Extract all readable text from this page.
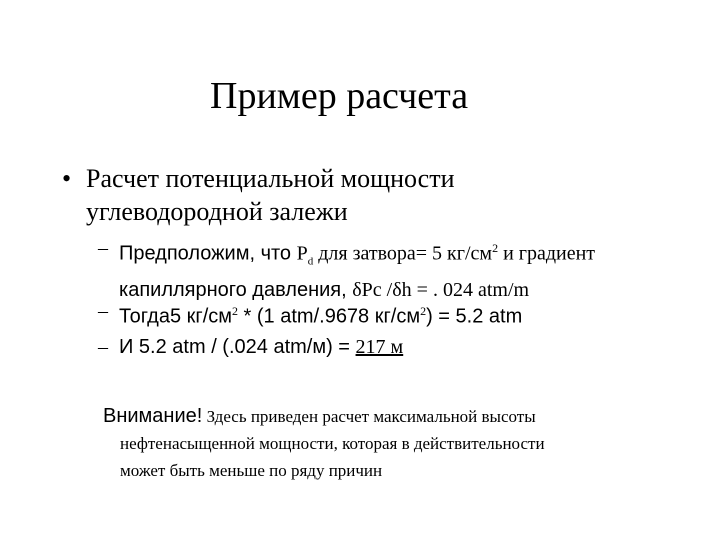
Пример расчета
• Расчет потенциальной мощности углеводородной залежи
– Предположим, что $P_d$ для затвора= 5 $кг/см^2$ и градиент
капиллярного давления, δPc /δh = . 024 atm/m
– Тогда5 $кг/см^2 * (1$ atm/.9678 $кг/см^2) = 5.2$ atm
– И 5.2 atm / (.024 atm/м) = 217 м
Внимание! Здесь приведен расчет максимальной высоты
нефтенасыщенной мощности, которая в действительности
может быть меньше по ряду причин
